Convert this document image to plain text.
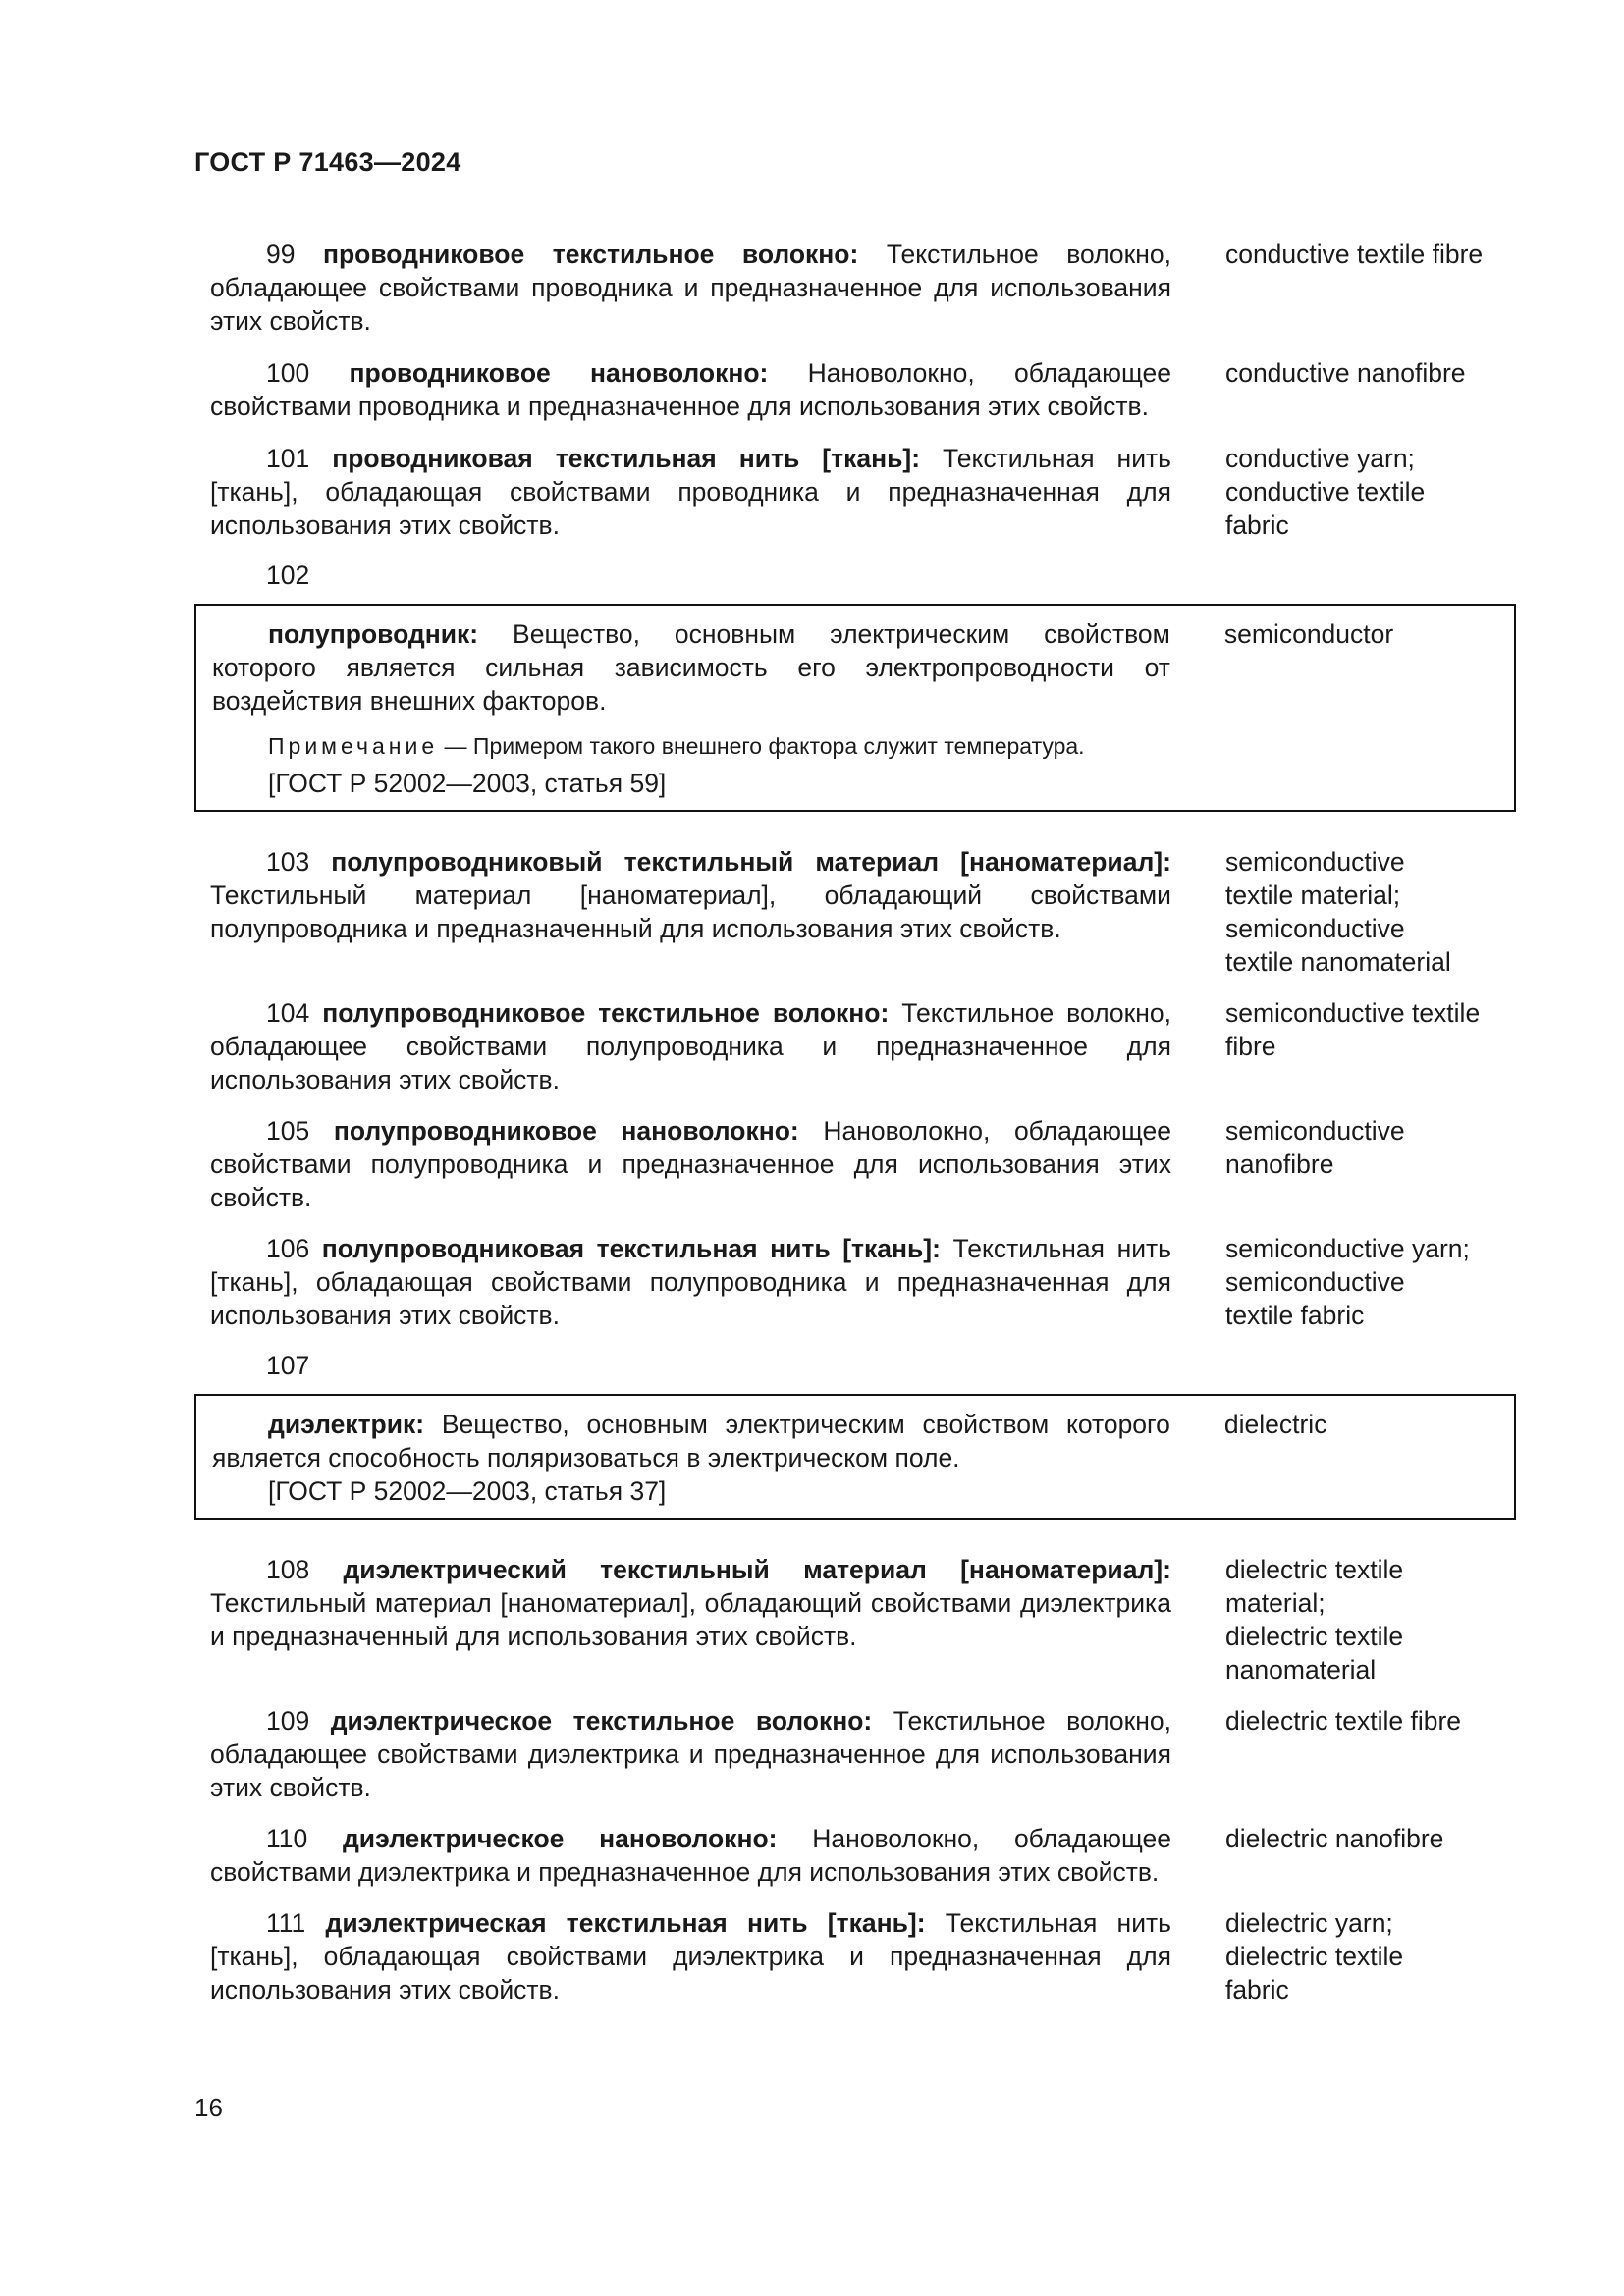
ГОСТ Р 71463—2024

99 проводниковое текстильное волокно: Текстильное волокно, обладающее свойствами проводника и предназначенное для использования этих свойств.

conductive textile fibre

100 проводниковое нановолокно: Нановолокно, обладающее свойствами проводника и предназначенное для использования этих свойств.

conductive nanofibre

101 проводниковая текстильная нить [ткань]: Текстильная нить [ткань], обладающая свойствами проводника и предназначенная для использования этих свойств.

conductive yarn;
conductive textile
fabric

102

полупроводник: Вещество, основным электрическим свойством которого является сильная зависимость его электропроводности от воздействия внешних факторов.

semiconductor

Примечание — Примером такого внешнего фактора служит температура.

[ГОСТ Р 52002—2003, статья 59]

103 полупроводниковый текстильный материал [наноматериал]: Текстильный материал [наноматериал], обладающий свойствами полупроводника и предназначенный для использования этих свойств.

semiconductive
textile material;
semiconductive
textile nanomaterial

104 полупроводниковое текстильное волокно: Текстильное волокно, обладающее свойствами полупроводника и предназначенное для использования этих свойств.

semiconductive textile
fibre

105 полупроводниковое нановолокно: Нановолокно, обладающее свойствами полупроводника и предназначенное для использования этих свойств.

semiconductive
nanofibre

106 полупроводниковая текстильная нить [ткань]: Текстильная нить [ткань], обладающая свойствами полупроводника и предназначенная для использования этих свойств.

semiconductive yarn;
semiconductive
textile fabric

107

диэлектрик: Вещество, основным электрическим свойством которого является способность поляризоваться в электрическом поле.

dielectric

[ГОСТ Р 52002—2003, статья 37]

108 диэлектрический текстильный материал [наноматериал]: Текстильный материал [наноматериал], обладающий свойствами диэлектрика и предназначенный для использования этих свойств.

dielectric textile
material;
dielectric textile
nanomaterial

109 диэлектрическое текстильное волокно: Текстильное волокно, обладающее свойствами диэлектрика и предназначенное для использования этих свойств.

dielectric textile fibre

110 диэлектрическое нановолокно: Нановолокно, обладающее свойствами диэлектрика и предназначенное для использования этих свойств.

dielectric nanofibre

111 диэлектрическая текстильная нить [ткань]: Текстильная нить [ткань], обладающая свойствами диэлектрика и предназначенная для использования этих свойств.

dielectric yarn;
dielectric textile
fabric
16
